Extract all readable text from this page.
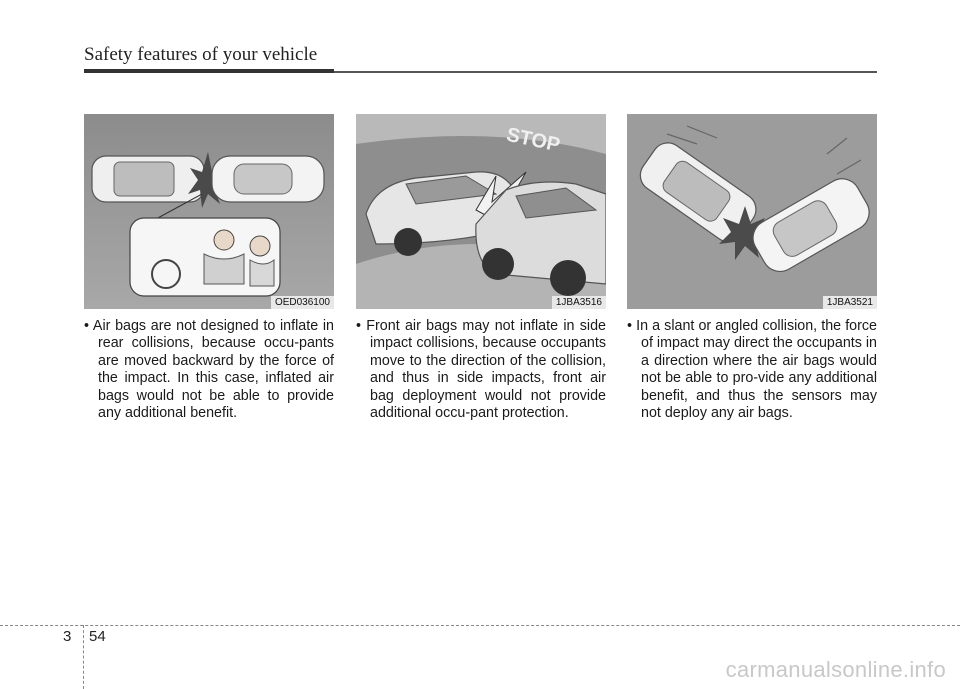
Safety features of your vehicle
OED036100
STOP
1JBA3516	1JBA3521
• Air bags are not designed to inflate in rear collisions, because occu-pants are moved backward by the force of the impact. In this case, inflated air bags would not be able to provide any additional benefit.
• Front air bags may not inflate in side impact collisions, because occupants move to the direction of the collision, and thus in side impacts, front air bag deployment would not provide additional occu-pant protection.
• In a slant or angled collision, the force of impact may direct the occupants in a direction where the air bags would not be able to pro-vide any additional benefit, and thus the sensors may not deploy any air bags.
3 54
carmanualsonline.info
